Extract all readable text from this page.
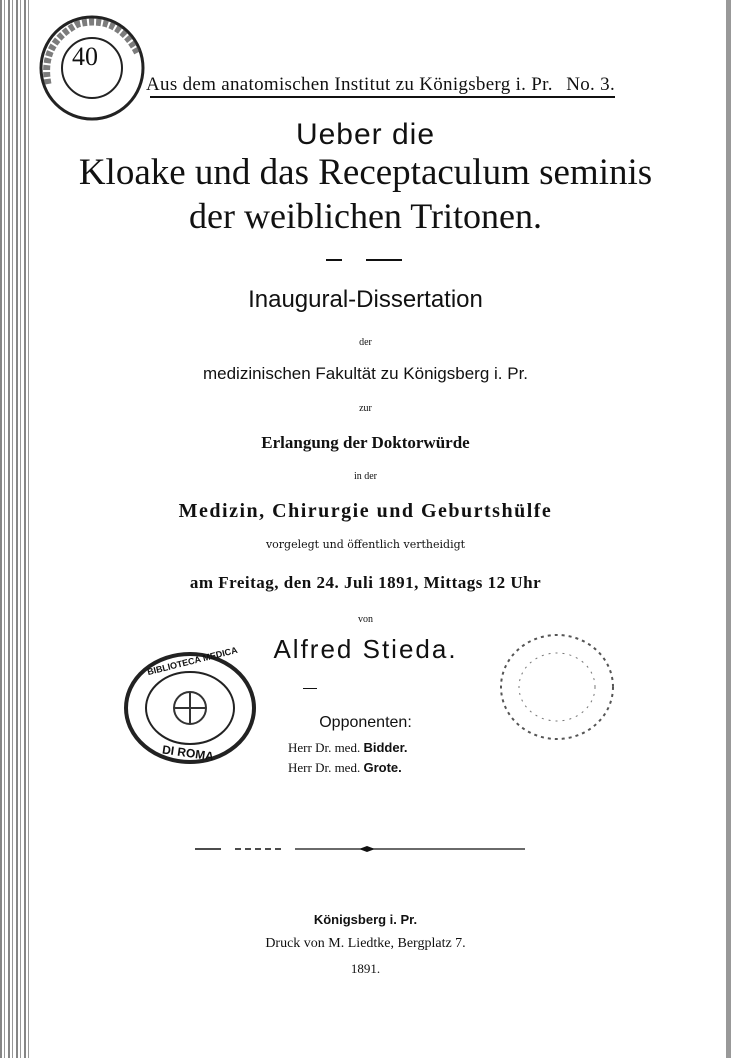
40
Aus dem anatomischen Institut zu Königsberg i. Pr. No. 3.
Ueber die
Kloake und das Receptaculum seminis
der weiblichen Tritonen.
Inaugural-Dissertation
der
medizinischen Fakultät zu Königsberg i. Pr.
zur
Erlangung der Doktorwürde
in der
Medizin, Chirurgie und Geburtshülfe
vorgelegt und öffentlich vertheidigt
am Freitag, den 24. Juli 1891, Mittags 12 Uhr
von
Alfred Stieda.
BIBLIOTECA MEDICA
DI ROMA
Opponenten:
Herr Dr. med. Bidder.
Herr Dr. med. Grote.
Königsberg i. Pr.
Druck von M. Liedtke, Bergplatz 7.
1891.
